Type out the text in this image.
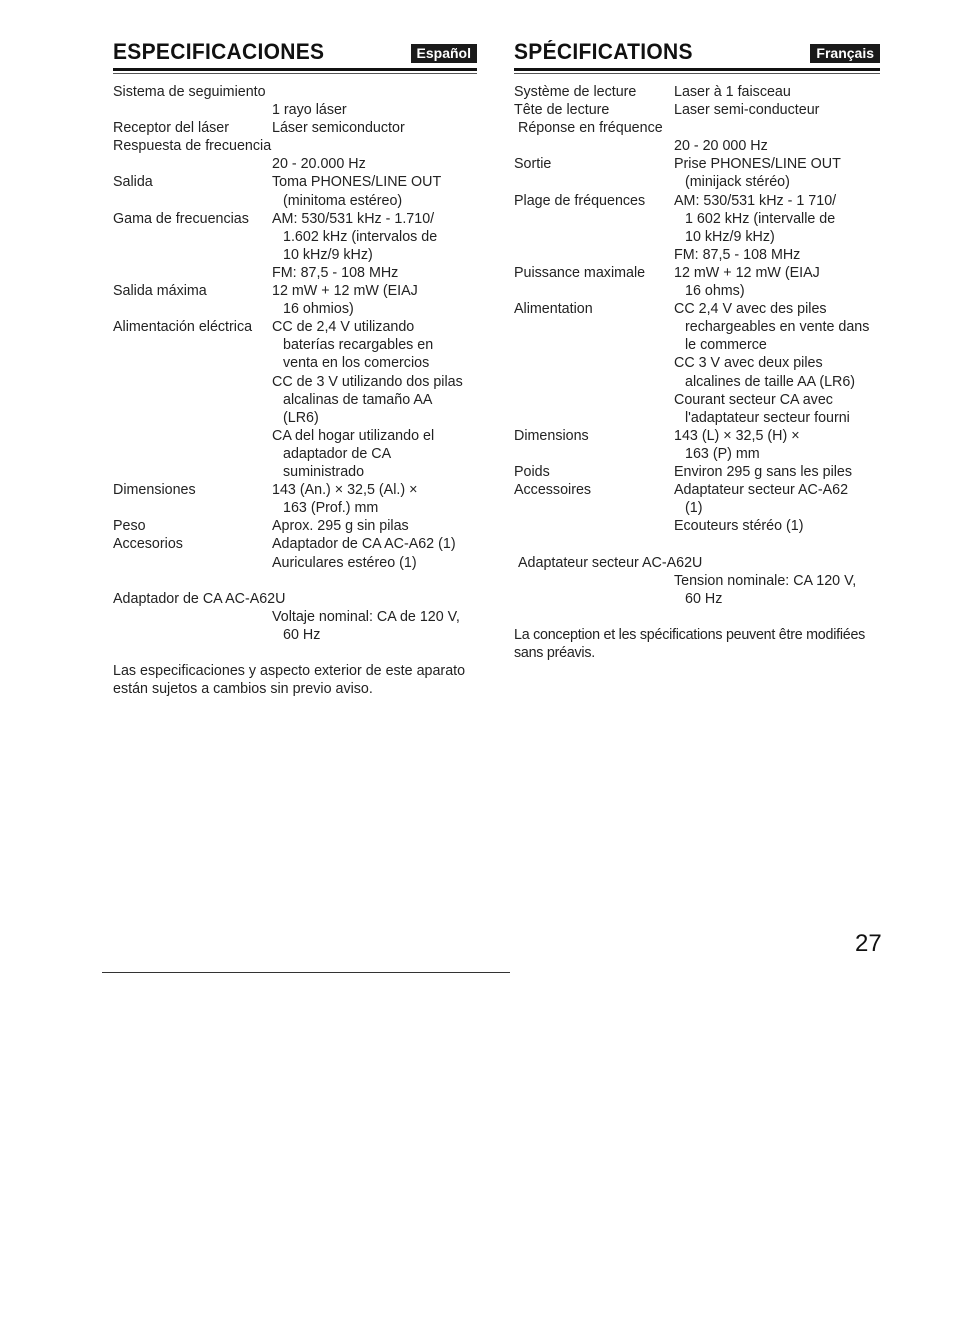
ESPECIFICACIONES	Español
Sistema de seguimiento
1 rayo láser
Receptor del láser	Láser semiconductor
Respuesta de frecuencia
20 - 20.000 Hz
Salida	Toma PHONES/LINE OUT
(minitoma estéreo)
Gama de frecuencias	AM: 530/531 kHz - 1.710/
1.602 kHz (intervalos de
10 kHz/9 kHz)
FM: 87,5 - 108 MHz
Salida máxima	12 mW + 12 mW (EIAJ
16 ohmios)
Alimentación eléctrica	CC de 2,4 V utilizando
baterías recargables en
venta en los comercios
CC de 3 V utilizando dos pilas
alcalinas de tamaño AA
(LR6)
CA del hogar utilizando el
adaptador de CA
suministrado
Dimensiones	143 (An.) × 32,5 (Al.) ×
163 (Prof.) mm
Peso	Aprox. 295 g sin pilas
Accesorios	Adaptador de CA AC-A62 (1)
Auriculares estéreo (1)
Adaptador de CA AC-A62U
Voltaje nominal: CA de 120 V,
60 Hz
Las especificaciones y aspecto exterior de este aparato están sujetos a cambios sin previo aviso.
SPÉCIFICATIONS	Français
Système de lecture	Laser à 1 faisceau
Tête de lecture	Laser semi-conducteur
Réponse en fréquence
20 - 20 000 Hz
Sortie	Prise PHONES/LINE OUT
(minijack stéréo)
Plage de fréquences	AM: 530/531 kHz - 1 710/
1 602 kHz (intervalle de
10 kHz/9 kHz)
FM: 87,5 - 108 MHz
Puissance maximale	12 mW + 12 mW (EIAJ
16 ohms)
Alimentation	CC 2,4 V avec des piles
rechargeables en vente dans
le commerce
CC 3 V avec deux piles
alcalines de taille AA (LR6)
Courant secteur CA avec
l'adaptateur secteur fourni
Dimensions	143 (L) × 32,5 (H) ×
163 (P) mm
Poids	Environ 295 g sans les piles
Accessoires	Adaptateur secteur AC-A62
(1)
Ecouteurs stéréo (1)
Adaptateur secteur AC-A62U
Tension nominale: CA 120 V,
60 Hz
La conception et les spécifications peuvent être modifiées sans préavis.
27
